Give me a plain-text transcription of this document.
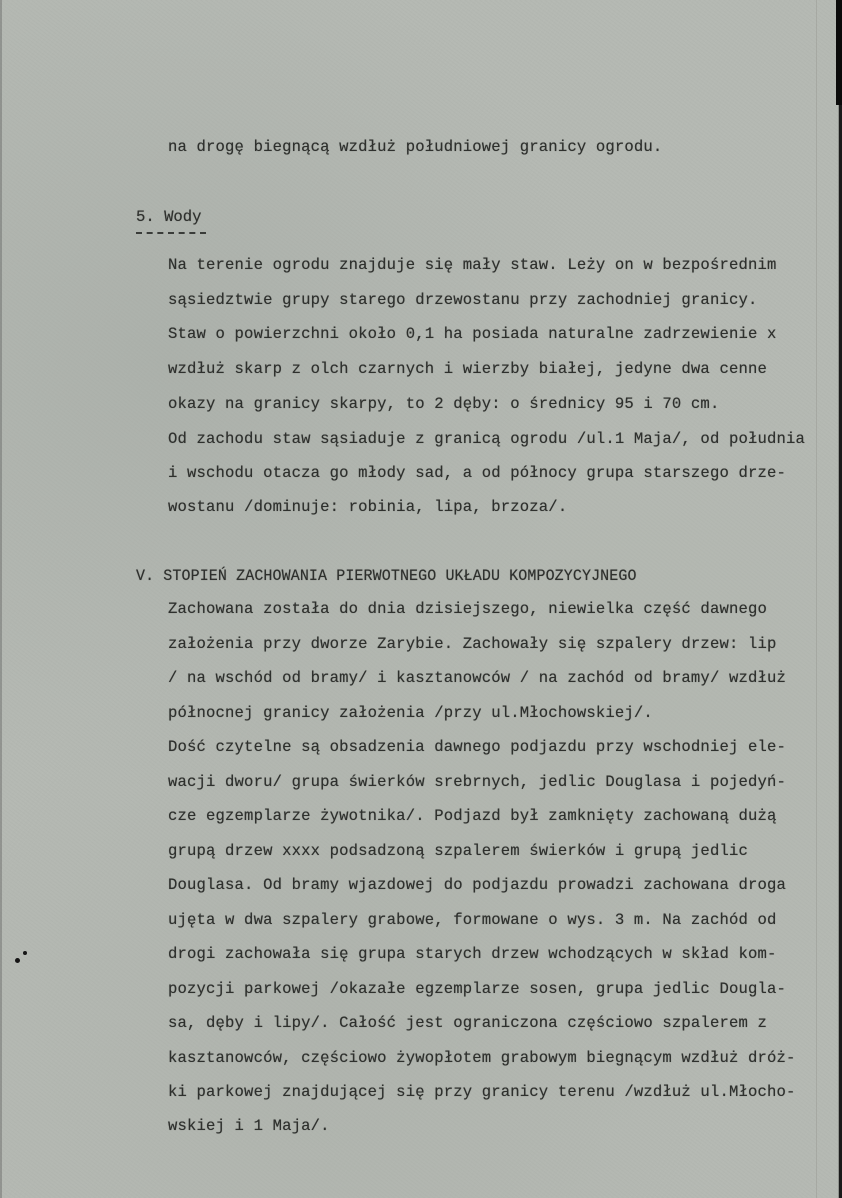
na drogę biegnącą wzdłuż południowej granicy ogrodu.
5. Wody
Na terenie ogrodu znajduje się mały staw. Leży on w bezpośrednim
sąsiedztwie grupy starego drzewostanu przy zachodniej granicy.
Staw o powierzchni około 0,1 ha posiada naturalne zadrzewienie x
wzdłuż skarp z olch czarnych i wierzby białej, jedyne dwa cenne
okazy na granicy skarpy, to 2 dęby: o średnicy 95 i 70 cm.
Od zachodu staw sąsiaduje z granicą ogrodu /ul.1 Maja/, od południa
i wschodu otacza go młody sad, a od północy grupa starszego drze-
wostanu /dominuje: robinia, lipa, brzoza/.
V. STOPIEŃ ZACHOWANIA PIERWOTNEGO UKŁADU KOMPOZYCYJNEGO
Zachowana została do dnia dzisiejszego, niewielka część dawnego
założenia przy dworze Zarybie. Zachowały się szpalery drzew: lip
/ na wschód od bramy/ i kasztanowców / na zachód od bramy/ wzdłuż
północnej granicy założenia /przy ul.Młochowskiej/.
Dość czytelne są obsadzenia dawnego podjazdu przy wschodniej ele-
wacji dworu/ grupa świerków srebrnych, jedlic Douglasa i pojedyń-
cze egzemplarze żywotnika/. Podjazd był zamknięty zachowaną dużą
grupą drzew xxxx podsadzoną szpalerem świerków i grupą jedlic
Douglasa. Od bramy wjazdowej do podjazdu prowadzi zachowana droga
ujęta w dwa szpalery grabowe, formowane o wys. 3 m. Na zachód od
drogi zachowała się grupa starych drzew wchodzących w skład kom-
pozycji parkowej /okazałe egzemplarze sosen, grupa jedlic Dougla-
sa, dęby i lipy/. Całość jest ograniczona częściowo szpalerem z
kasztanowców, częściowo żywopłotem grabowym biegnącym wzdłuż dróż-
ki parkowej znajdującej się przy granicy terenu /wzdłuż ul.Młocho-
wskiej i 1 Maja/.
